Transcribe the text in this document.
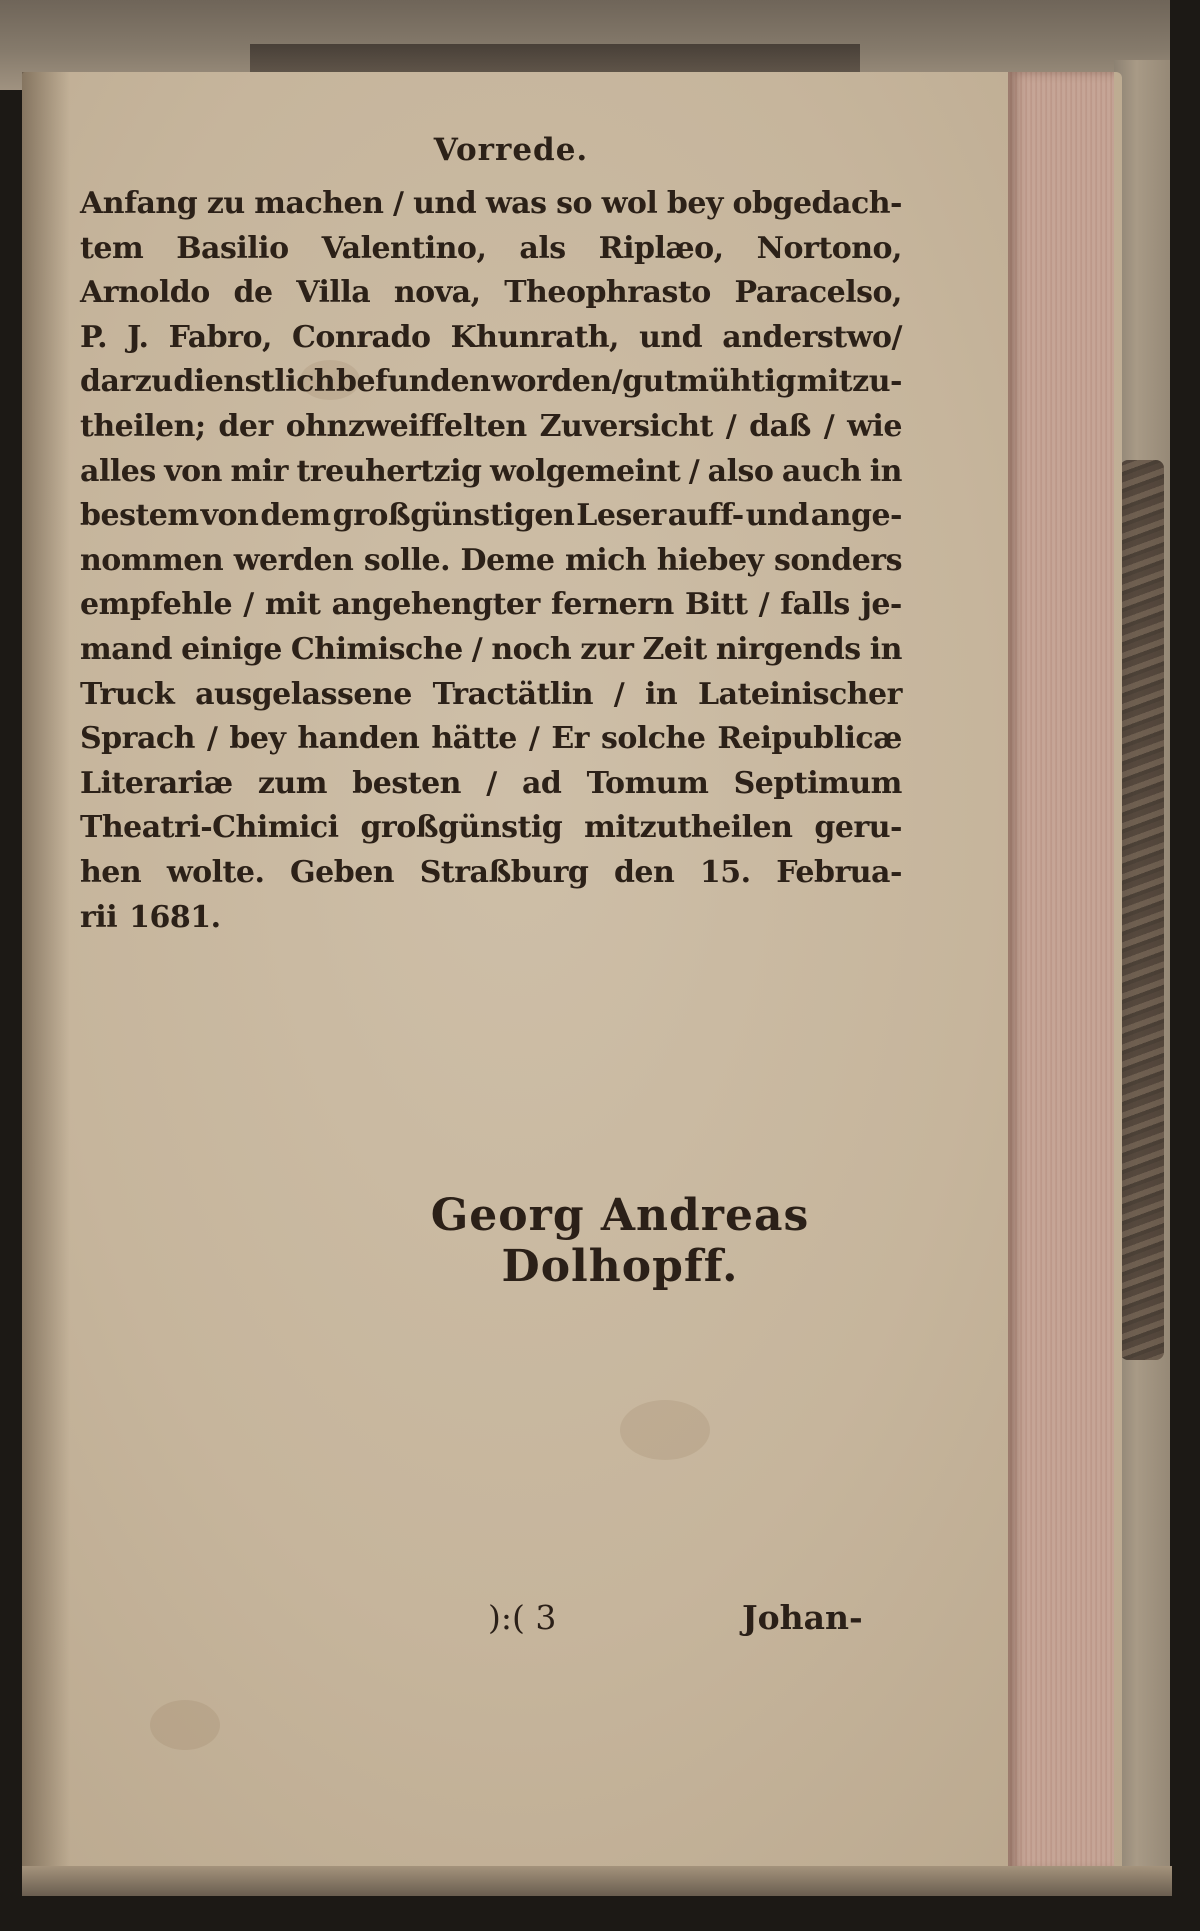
Vorrede.
Anfang zu machen / und was so wol bey obgedach-
tem Basilio Valentino, als Riplæo, Nortono,
Arnoldo de Villa nova, Theophrasto Paracelso,
P. J. Fabro, Conrado Khunrath, und anderstwo/
darzu dienstlich befunden worden/gutmühtig mitzu-
theilen; der ohnzweiffelten Zuversicht / daß / wie
alles von mir treuhertzig wolgemeint / also auch in
bestem von dem großgünstigen Leser auff- und ange-
nommen werden solle. Deme mich hiebey sonders
empfehle / mit angehengter fernern Bitt / falls je-
mand einige Chimische / noch zur Zeit nirgends in
Truck ausgelassene Tractätlin / in Lateinischer
Sprach / bey handen hätte / Er solche Reipublicæ
Literariæ zum besten / ad Tomum Septimum
Theatri-Chimici großgünstig mitzutheilen geru-
hen wolte. Geben Straßburg den 15. Februa-
rii 1681.
Georg Andreas Dolhopff.
):( 3	Johan-
